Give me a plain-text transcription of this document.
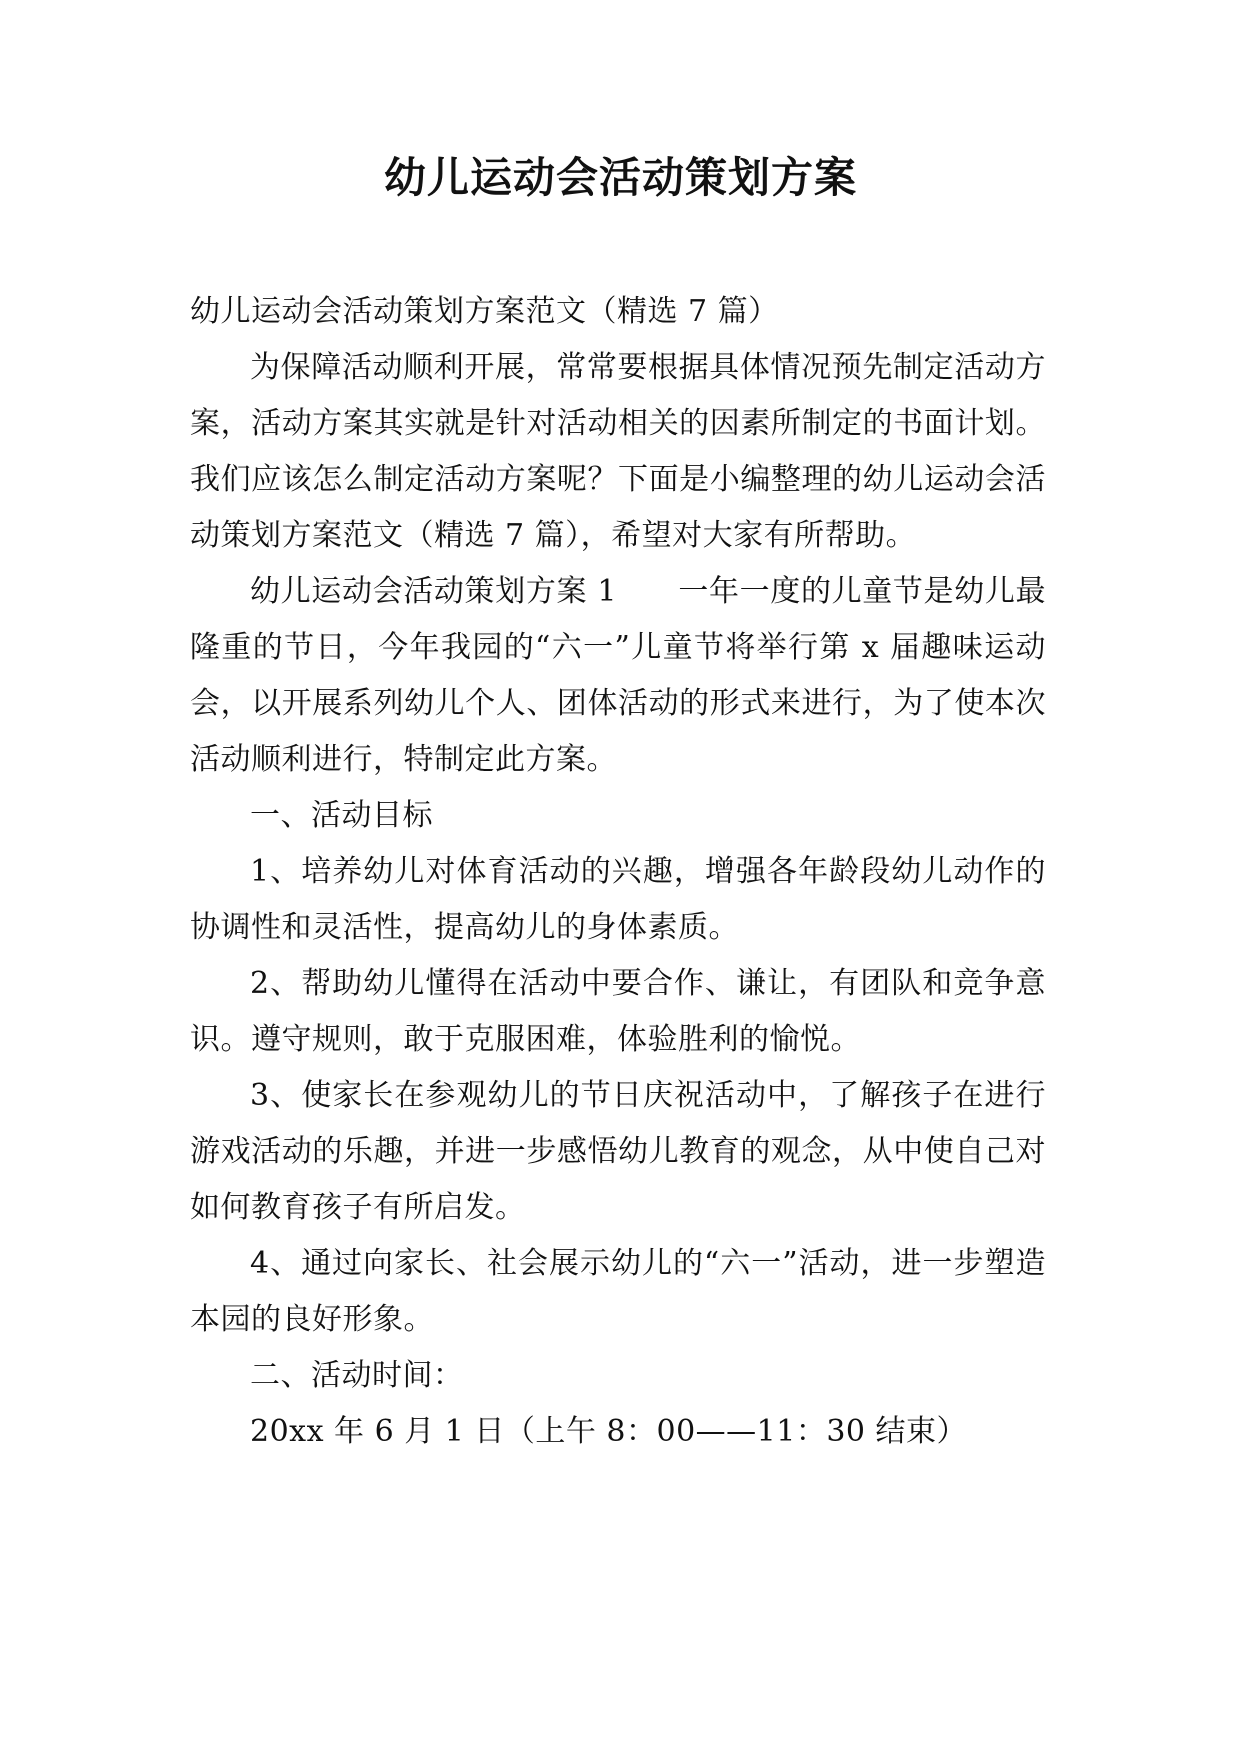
幼儿运动会活动策划方案

幼儿运动会活动策划方案范文（精选 7 篇）

为保障活动顺利开展，常常要根据具体情况预先制定活动方案，活动方案其实就是针对活动相关的因素所制定的书面计划。我们应该怎么制定活动方案呢？下面是小编整理的幼儿运动会活动策划方案范文（精选 7 篇），希望对大家有所帮助。

幼儿运动会活动策划方案 1　　一年一度的儿童节是幼儿最隆重的节日，今年我园的“六一”儿童节将举行第 x 届趣味运动会，以开展系列幼儿个人、团体活动的形式来进行，为了使本次活动顺利进行，特制定此方案。

一、活动目标

1、培养幼儿对体育活动的兴趣，增强各年龄段幼儿动作的协调性和灵活性，提高幼儿的身体素质。

2、帮助幼儿懂得在活动中要合作、谦让，有团队和竞争意识。遵守规则，敢于克服困难，体验胜利的愉悦。

3、使家长在参观幼儿的节日庆祝活动中，了解孩子在进行游戏活动的乐趣，并进一步感悟幼儿教育的观念，从中使自己对如何教育孩子有所启发。

4、通过向家长、社会展示幼儿的“六一”活动，进一步塑造本园的良好形象。

二、活动时间：

20xx 年 6 月 1 日（上午 8：00——11：30 结束）
